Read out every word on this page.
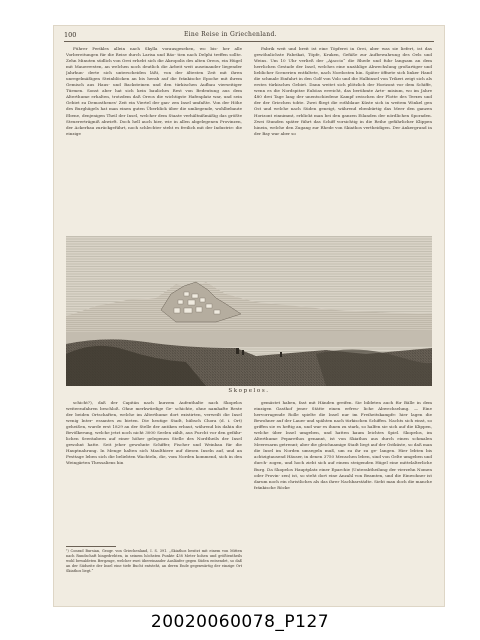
100	Eine Reise in Griechenland.

Führer Perikles allein nach Skylla vorausgesehen, wo bis- her alle Vorbereitungen für die Reise durch Larisa und Bäo- tien nach Delphi treffen sollte. Zehn Minuten südlich von Orei erhebt sich die Akropolis des alten Oreos, ein Hügel mit Mauerresten, an welchen noch deutlich die Arbeit weit auseinander liegender Jahrhun- derte sich unterscheiden läßt, von der ältesten Zeit mit ihren unregelmäßigen Steinblöcken an bis herab auf die fränkische Epoche mit ihrem Gemisch aus Haus- und Backsteinen und den türkischen Aufbau vierseitiger Türmen. Sonst aber hat sich kein bauliches Rest von Bedeutung aus dem Alterthume erhalten, trotzdem daß Oreos die wichtigste Hafenplatz war, und sein Gebiet zu Demosthenes' Zeit ein Viertel der gan- zen Insel umfaßte. Von der Höhe des Burghügels hat man einen guten Überblick über die umliegende, wohlbebaute Ebene, denjenigen Theil der Insel, welcher dem Staate verhältnißmäßig das größte Steuererträgniß abwirft. Doch hell auch hier, wie in allen abgelegenen Provinzen, der Ackerbau zurückgeführt, noch schlechter steht es freilich mit der Industrie: die einzige

Fabrik weit und breit ist eine Töpferei in Orei, aber was sie liefert, ist das gewöhnlichste Fabrikat, Töpfe, Kruken, Gefäße zur Aufbewahrung des Oels und Weins. Um 10 Uhr verließ der „Ajaccio“ die Rhede und fuhr langsam an dem herrlichen Gestade der Insel, welches eine unzählige Abwechslung großartiger und lieblicher Scenerien entfaltete, nach Nordosten hin. Später öffnete sich linker Hand die schmale Einfahrt in den Golf von Volo und die Halbinsel von Trikeri zeigt sich als erstes türkisches Gebiet. Dann weitet sich plötzlich der Horizont vor dem Schiffe, wenn es die Nordspitze Euböas erreicht, das berühmte Arte- misium, wo im Jahre 480 drei Tage lang der unentschiedene Kampf zwischen der Flotte des Terxes und der der Griechen tobte. Zwei fliegt die rothblaue Küste sich in weitem Winkel gen Ost und welche nach Süden geneigt, während ebenbürtig das Meer den ganzen Horizont einnimmt, erblickt man bei den ganzen Eilanden der nördlichen Sporaden. Zwei Stunden später führt das Schiff vorsichtig in die Reihe gefährlicher Klippen hinein, welche den Zugang zur Rhede von Skiathos vertheidigen. Der Ankergrund in der Bay war aber so

Skopelos.

schicht?), daß der Capitän nach kurzem Aufenthalte nach Skopelos weiterzufahren beschloß. Ohne merkwürdige Ge- schichte, ohne namhafte Reste der beiden Ortschaften, welche im Alterthume dort existirten, verweilt die Insel wenig Inter- essantes zu bieten. Die heutige Stadt, hübsch Chora (d. i. Ort) geheißen, wurde erst 1829 an der Stelle der antiken erbaut, während bis dahin die Bevölkerung, welche jetzt noch nicht 3000 Seelen zählt, aus Furcht vor den gefähr- lichen Seeräubern auf einer höher gelegenen Stelle des Nordtheils der Insel gewohnt hatte. Seit jeher gewohnte Schiffer, Fischer und Weinbau für die Hauptnahrung. In Menge halten sich Maulthiere auf diesen Inseln auf, und an Festtage leben sich die beliebten Wachteln, die, vom Norden kommend, sich in den Weingärten Thessaliens hin

gemästet haben, fast mit Händen greifen. Sie bildeten auch für Bälle in dem einzigen Gasthof jener Stätte einen erfreu- liche Abwechselung. — Eine hervorragende Rolle spielte die Insel nur im Freiheitskampfe: hier lagen die Bewohner auf der Lauer und spähten nach türkischen Schiffen. Nachts sich einst, so griffen sie es heftig an, und war es ihnen zu stark, so halfen sie sich auf die Klippen, welche über Insel umgeben, und hatten kaum leichtes Spiel. Skopelos, im Alterthume Peparethos genannt, ist von Skiathos aus durch einen schmalen Meeresarm getrennt; aber die gleichnamige Stadt liegt auf der Ostküste, so daß man die Insel im Norden umsegeln muß, um zu ihr zu ge- langen. Hier lebten bis achtzigtausend Häuser, in denen 3750 Menschen leben, sind von Gelte umgeben und durch- zogen, und hoch zieht sich auf einem steigenden Hügel eine mittelalterliche Burg. Da Skopelos Hauptplatz einer Eparchie (Unterabtheilung der vierzehn Nomen oder Provin- zen) ist, so steht dort eine Anzahl von Beamten, und die Einwohner ist darum noch ein christliches als das ihrer Nachbarstädte. Sieht man doch die manche fränkische Röcke

¹) Conrad Bursian, Geogr. von Griechenland, I. S. 391. „Skiathos besitzt mit einem von Mitten nach Rundschaft hingedrehten, in seinem höchsten Punkte 438 Meter hohen und größtentheils wohl bewaldeten Bergzuge, welcher zwei übereinander Ausläufer gegen Süden entsendet, so daß an der Südseite der Insel eine tiefe Bucht entsteht, an deren Ende gegenwärtig der einzige Ort Skiathos liegt.“

20020060078_P127
